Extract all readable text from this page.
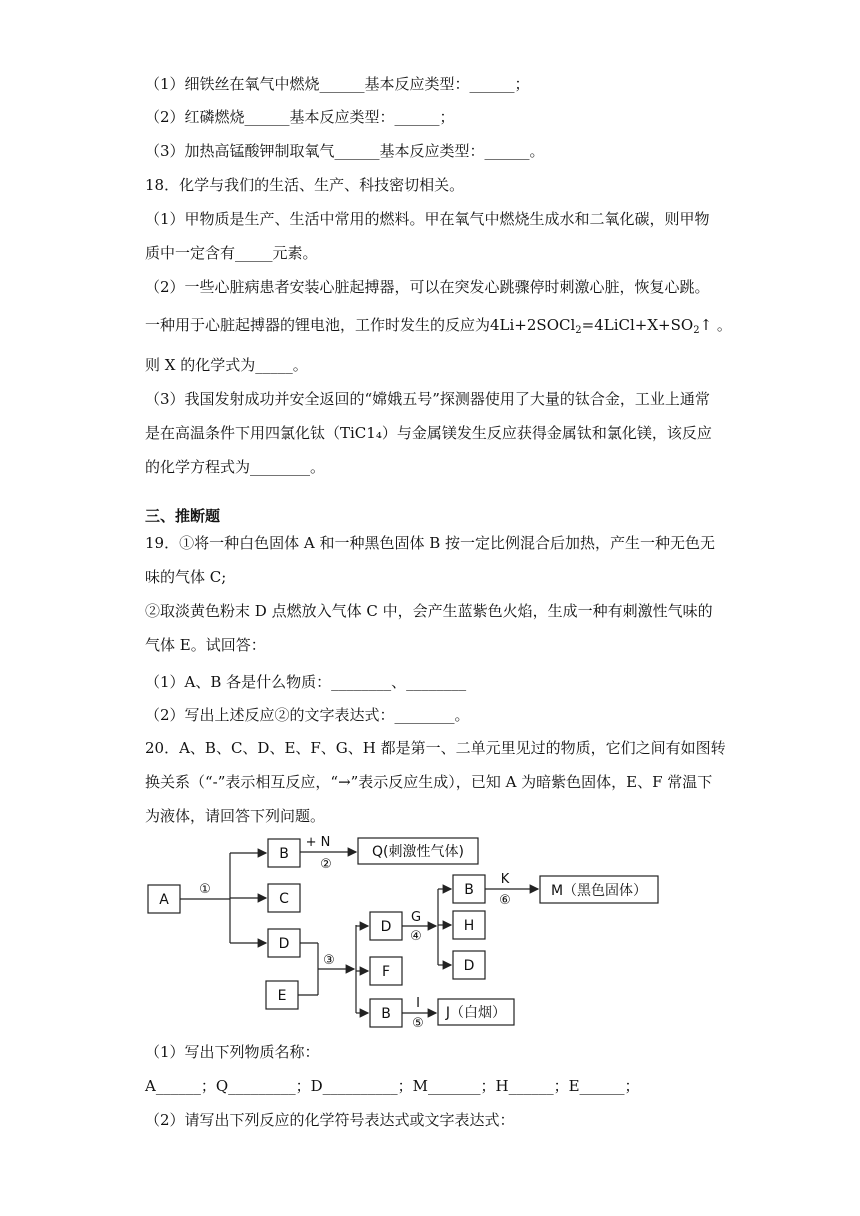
（1）细铁丝在氧气中燃烧______基本反应类型：______；
（2）红磷燃烧______基本反应类型：______；
（3）加热高锰酸钾制取氧气______基本反应类型：______。
18．化学与我们的生活、生产、科技密切相关。
（1）甲物质是生产、生活中常用的燃料。甲在氧气中燃烧生成水和二氧化碳，则甲物
质中一定含有_____元素。
（2）一些心脏病患者安装心脏起搏器，可以在突发心跳骤停时刺激心脏，恢复心跳。
一种用于心脏起搏器的锂电池，工作时发生的反应为$4Li+2SOCl_2=4LiCl+X+SO_2↑$ 。
则 X 的化学式为_____。
（3）我国发射成功并安全返回的“嫦娥五号”探测器使用了大量的钛合金，工业上通常
是在高温条件下用四氯化钛（TiC1₄）与金属镁发生反应获得金属钛和氯化镁，该反应
的化学方程式为________。
三、推断题
19．①将一种白色固体 A 和一种黑色固体 B 按一定比例混合后加热，产生一种无色无
味的气体 C;
②取淡黄色粉末 D 点燃放入气体 C 中，会产生蓝紫色火焰，生成一种有刺激性气味的
气体 E。试回答：
（1）A、B 各是什么物质：________、________
（2）写出上述反应②的文字表达式：________。
20．A、B、C、D、E、F、G、H 都是第一、二单元里见过的物质，它们之间有如图转
换关系（“-”表示相互反应，“→”表示反应生成），已知 A 为暗紫色固体，E、F 常温下
为液体，请回答下列问题。
A
B
C
D
E
Q(刺激性气体)
D
F
B
B
H
D
M（黑色固体）
J（白烟）
①
+ N
②
③
G
④
K
⑥
I
⑤
（1）写出下列物质名称：
A______；Q_________；D__________；M_______；H______；E______；
（2）请写出下列反应的化学符号表达式或文字表达式：
